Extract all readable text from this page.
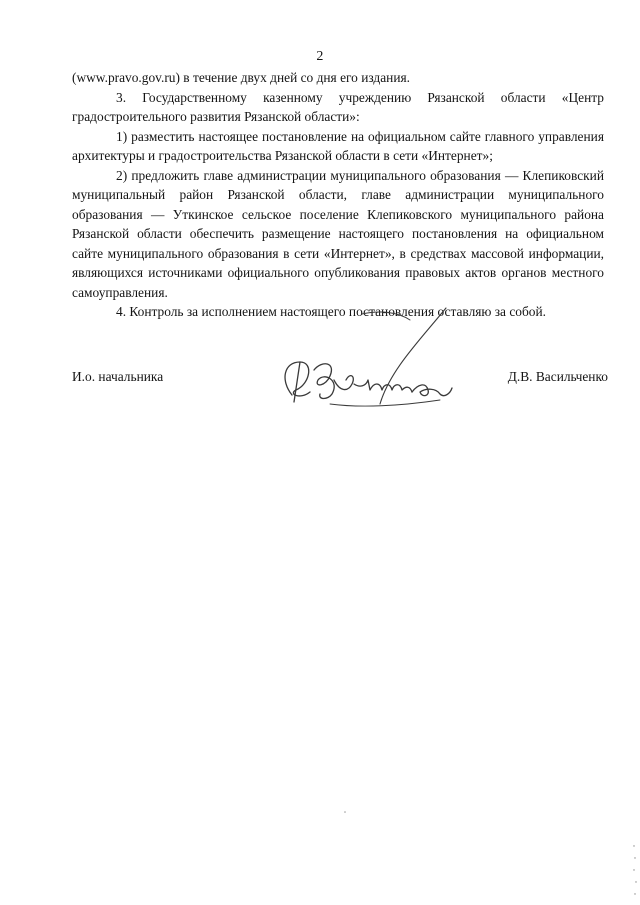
2

(www.pravo.gov.ru) в течение двух дней со дня его издания.

3. Государственному казенному учреждению Рязанской области «Центр градостроительного развития Рязанской области»:

1) разместить настоящее постановление на официальном сайте главного управления архитектуры и градостроительства Рязанской области в сети «Интернет»;

2) предложить главе администрации муниципального образования — Клепиковский муниципальный район Рязанской области, главе администрации муниципального образования — Уткинское сельское поселение Клепиковского муниципального района Рязанской области обеспечить размещение настоящего постановления на официальном сайте муниципального образования в сети «Интернет», в средствах массовой информации, являющихся источниками официального опубликования правовых актов органов местного самоуправления.

4. Контроль за исполнением настоящего постановления оставляю за собой.

И.о. начальника	Д.В. Васильченко
